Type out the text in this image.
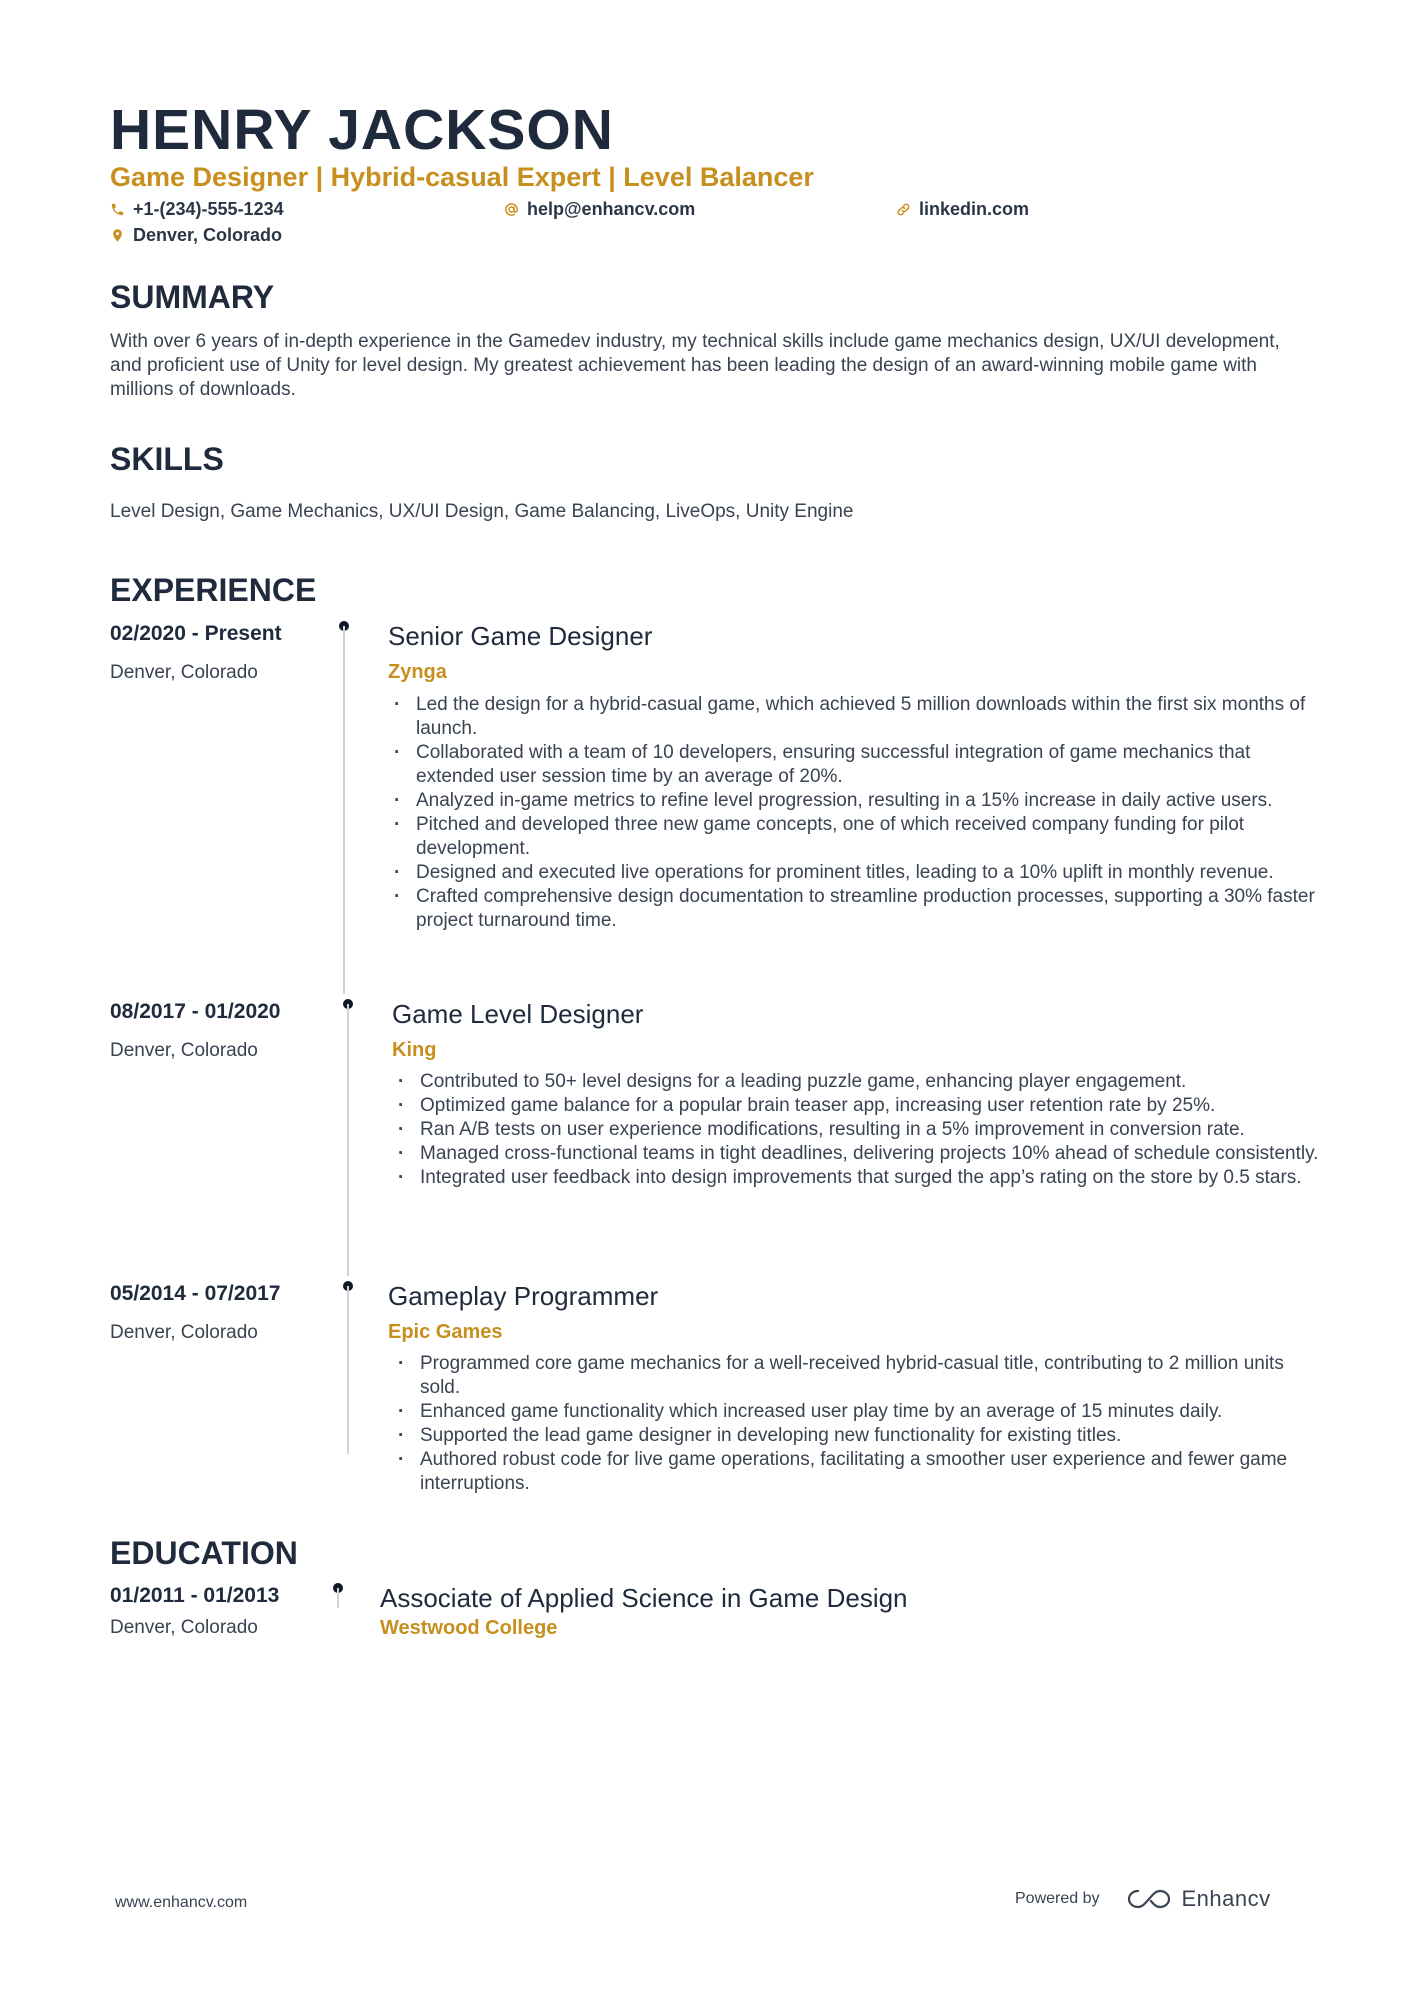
HENRY JACKSON
Game Designer | Hybrid-casual Expert | Level Balancer
+1-(234)-555-1234	help@enhancv.com	linkedin.com
Denver, Colorado
SUMMARY
With over 6 years of in-depth experience in the Gamedev industry, my technical skills include game mechanics design, UX/UI development, and proficient use of Unity for level design. My greatest achievement has been leading the design of an award-winning mobile game with millions of downloads.
SKILLS
Level Design, Game Mechanics, UX/UI Design, Game Balancing, LiveOps, Unity Engine
EXPERIENCE
02/2020 - Present
Denver, Colorado
Senior Game Designer
Zynga
· Led the design for a hybrid-casual game, which achieved 5 million downloads within the first six months of launch.
· Collaborated with a team of 10 developers, ensuring successful integration of game mechanics that extended user session time by an average of 20%.
· Analyzed in-game metrics to refine level progression, resulting in a 15% increase in daily active users.
· Pitched and developed three new game concepts, one of which received company funding for pilot development.
· Designed and executed live operations for prominent titles, leading to a 10% uplift in monthly revenue.
· Crafted comprehensive design documentation to streamline production processes, supporting a 30% faster project turnaround time.
08/2017 - 01/2020
Denver, Colorado
Game Level Designer
King
· Contributed to 50+ level designs for a leading puzzle game, enhancing player engagement.
· Optimized game balance for a popular brain teaser app, increasing user retention rate by 25%.
· Ran A/B tests on user experience modifications, resulting in a 5% improvement in conversion rate.
· Managed cross-functional teams in tight deadlines, delivering projects 10% ahead of schedule consistently.
· Integrated user feedback into design improvements that surged the app’s rating on the store by 0.5 stars.
05/2014 - 07/2017
Denver, Colorado
Gameplay Programmer
Epic Games
· Programmed core game mechanics for a well-received hybrid-casual title, contributing to 2 million units sold.
· Enhanced game functionality which increased user play time by an average of 15 minutes daily.
· Supported the lead game designer in developing new functionality for existing titles.
· Authored robust code for live game operations, facilitating a smoother user experience and fewer game interruptions.
EDUCATION
01/2011 - 01/2013
Denver, Colorado
Associate of Applied Science in Game Design
Westwood College
www.enhancv.com	Powered by	Enhancv
